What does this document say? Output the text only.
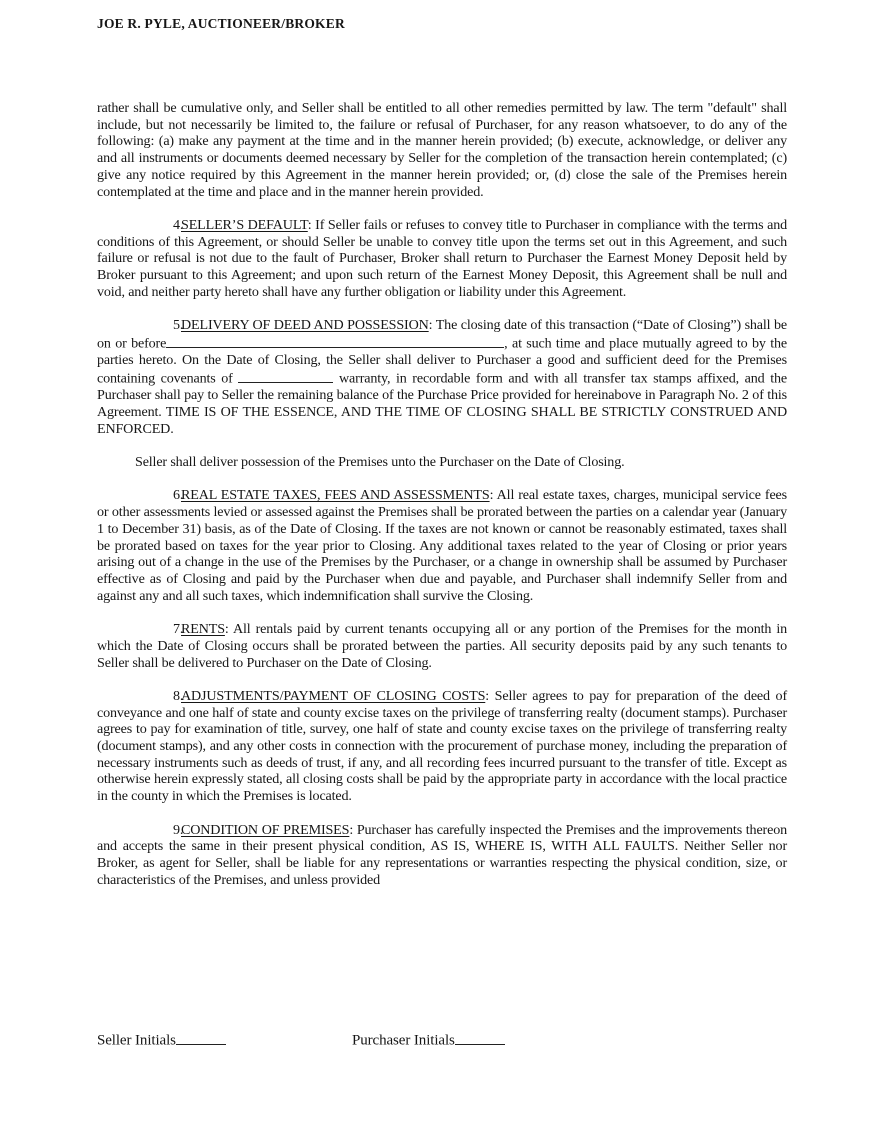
JOE R. PYLE, AUCTIONEER/BROKER

rather shall be cumulative only, and Seller shall be entitled to all other remedies permitted by law. The term "default" shall include, but not necessarily be limited to, the failure or refusal of Purchaser, for any reason whatsoever, to do any of the following: (a) make any payment at the time and in the manner herein provided; (b) execute, acknowledge, or deliver any and all instruments or documents deemed necessary by Seller for the completion of the transaction herein contemplated; (c) give any notice required by this Agreement in the manner herein provided; or, (d) close the sale of the Premises herein contemplated at the time and place and in the manner herein provided.

4.SELLER’S DEFAULT: If Seller fails or refuses to convey title to Purchaser in compliance with the terms and conditions of this Agreement, or should Seller be unable to convey title upon the terms set out in this Agreement, and such failure or refusal is not due to the fault of Purchaser, Broker shall return to Purchaser the Earnest Money Deposit held by Broker pursuant to this Agreement; and upon such return of the Earnest Money Deposit, this Agreement shall be null and void, and neither party hereto shall have any further obligation or liability under this Agreement.

5.DELIVERY OF DEED AND POSSESSION: The closing date of this transaction (“Date of Closing”) shall be on or before	, at such time and place mutually agreed to by the parties hereto. On the Date of Closing, the Seller shall deliver to Purchaser a good and sufficient deed for the Premises containing covenants of	warranty, in recordable form and with all transfer tax stamps affixed, and the Purchaser shall pay to Seller the remaining balance of the Purchase Price provided for hereinabove in Paragraph No. 2 of this Agreement. TIME IS OF THE ESSENCE, AND THE TIME OF CLOSING SHALL BE STRICTLY CONSTRUED AND ENFORCED.

Seller shall deliver possession of the Premises unto the Purchaser on the Date of Closing.

6.REAL ESTATE TAXES, FEES AND ASSESSMENTS: All real estate taxes, charges, municipal service fees or other assessments levied or assessed against the Premises shall be prorated between the parties on a calendar year (January 1 to December 31) basis, as of the Date of Closing. If the taxes are not known or cannot be reasonably estimated, taxes shall be prorated based on taxes for the year prior to Closing. Any additional taxes related to the year of Closing or prior years arising out of a change in the use of the Premises by the Purchaser, or a change in ownership shall be assumed by Purchaser effective as of Closing and paid by the Purchaser when due and payable, and Purchaser shall indemnify Seller from and against any and all such taxes, which indemnification shall survive the Closing.

7.RENTS: All rentals paid by current tenants occupying all or any portion of the Premises for the month in which the Date of Closing occurs shall be prorated between the parties. All security deposits paid by any such tenants to Seller shall be delivered to Purchaser on the Date of Closing.

8.ADJUSTMENTS/PAYMENT OF CLOSING COSTS: Seller agrees to pay for preparation of the deed of conveyance and one half of state and county excise taxes on the privilege of transferring realty (document stamps). Purchaser agrees to pay for examination of title, survey, one half of state and county excise taxes on the privilege of transferring realty (document stamps), and any other costs in connection with the procurement of purchase money, including the preparation of necessary instruments such as deeds of trust, if any, and all recording fees incurred pursuant to the transfer of title. Except as otherwise herein expressly stated, all closing costs shall be paid by the appropriate party in accordance with the local practice in the county in which the Premises is located.

9.CONDITION OF PREMISES: Purchaser has carefully inspected the Premises and the improvements thereon and accepts the same in their present physical condition, AS IS, WHERE IS, WITH ALL FAULTS. Neither Seller nor Broker, as agent for Seller, shall be liable for any representations or warranties respecting the physical condition, size, or characteristics of the Premises, and unless provided

Seller Initials	Purchaser Initials
